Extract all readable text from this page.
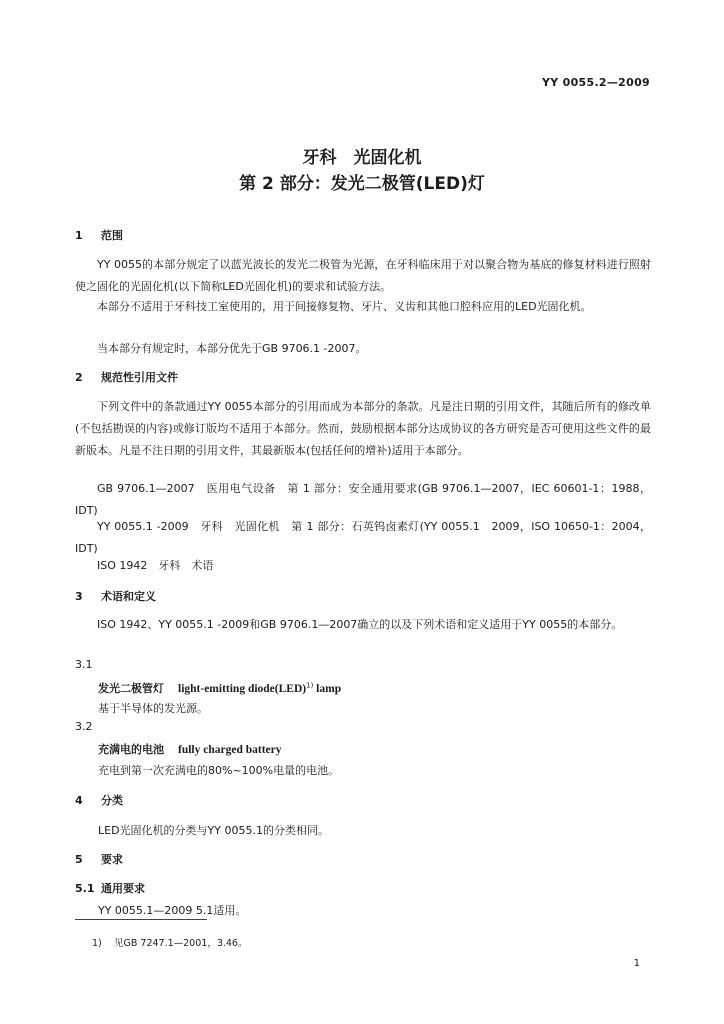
YY 0055.2—2009
牙科　光固化机
第 2 部分：发光二极管(LED)灯
1 范围
YY 0055的本部分规定了以蓝光波长的发光二极管为光源，在牙科临床用于对以聚合物为基底的修复材料进行照射使之固化的光固化机(以下简称LED光固化机)的要求和试验方法。
本部分不适用于牙科技工室使用的，用于间接修复物、牙片、义齿和其他口腔科应用的LED光固化机。
当本部分有规定时，本部分优先于GB 9706.1 -2007。
2 规范性引用文件
下列文件中的条款通过YY 0055本部分的引用而成为本部分的条款。凡是注日期的引用文件，其随后所有的修改单(不包括勘误的内容)或修订版均不适用于本部分。然而，鼓励根据本部分达成协议的各方研究是否可使用这些文件的最新版本。凡是不注日期的引用文件，其最新版本(包括任何的增补)适用于本部分。
GB 9706.1—2007　医用电气设备　第 1 部分：安全通用要求(GB 9706.1—2007，IEC 60601-1：1988，IDT)
YY 0055.1 -2009　牙科　光固化机　第 1 部分：石英钨卤素灯(YY 0055.1　2009，ISO 10650-1：2004，IDT)
ISO 1942　牙科　术语
3 术语和定义
ISO 1942、YY 0055.1 -2009和GB 9706.1—2007确立的以及下列术语和定义适用于YY 0055的本部分。
3.1
发光二极管灯 light-emitting diode(LED)$^{1)}$ lamp
基于半导体的发光源。
3.2
充满电的电池 fully charged battery
充电到第一次充满电的80%~100%电量的电池。
4 分类
LED光固化机的分类与YY 0055.1的分类相同。
5 要求
5.1 通用要求
YY 0055.1—2009 5.1适用。
1) 见GB 7247.1—2001，3.46。
1
